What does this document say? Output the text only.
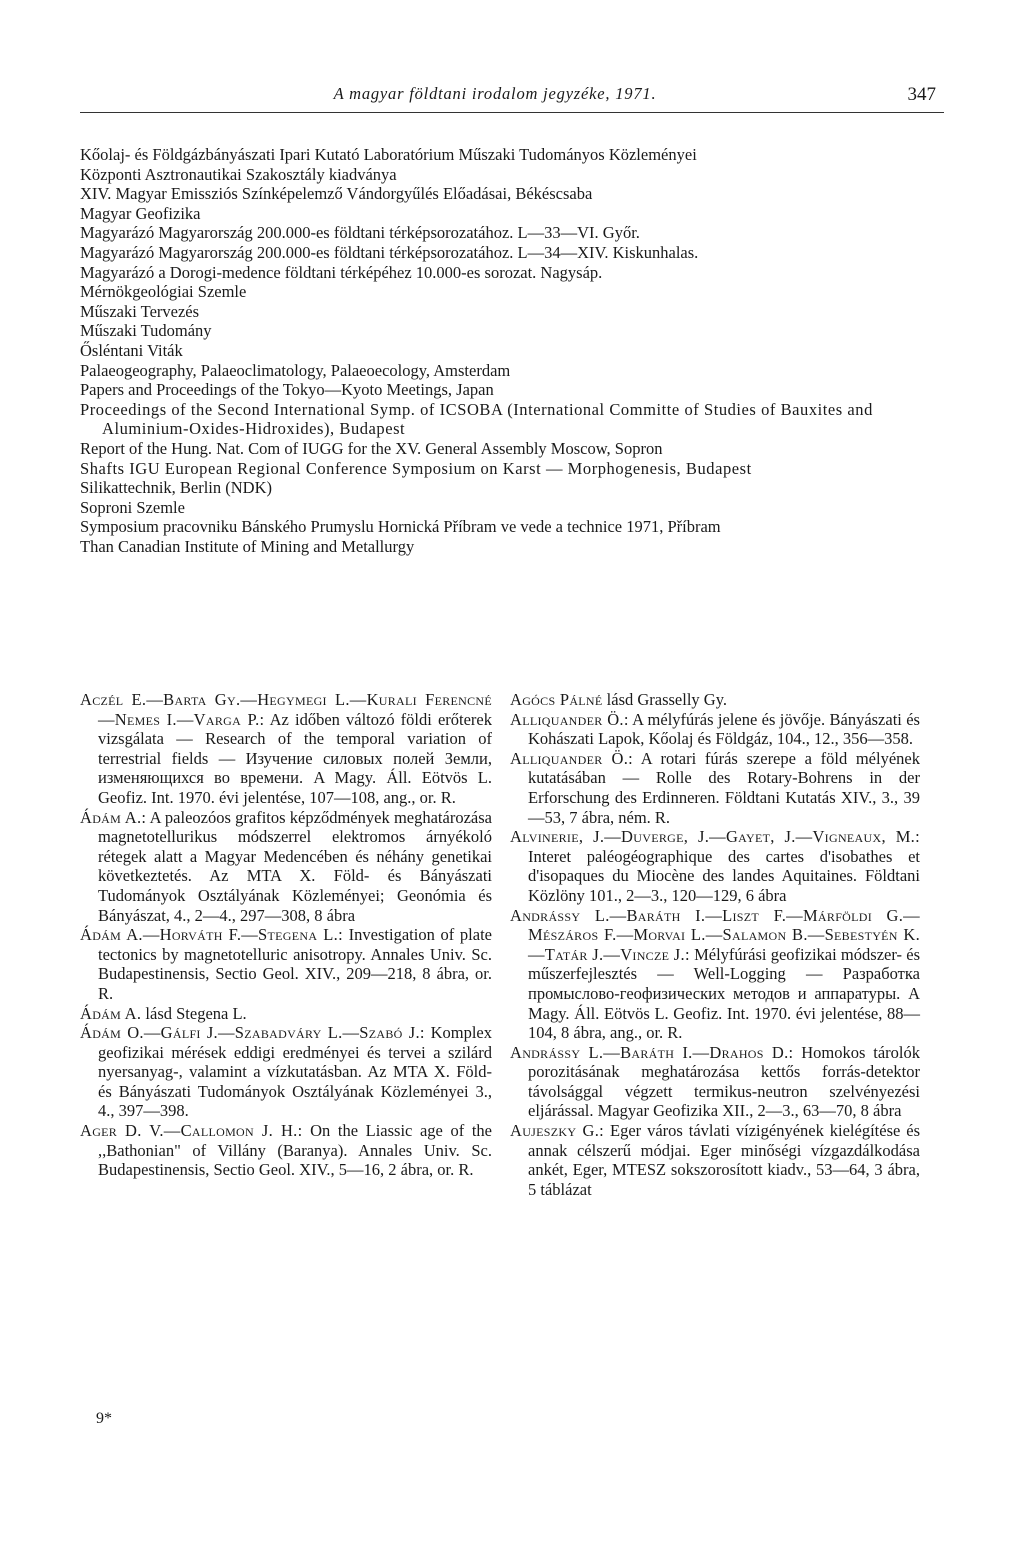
A magyar földtani irodalom jegyzéke, 1971.	347
Kőolaj- és Földgázbányászati Ipari Kutató Laboratórium Műszaki Tudományos Közleményei
Központi Asztronautikai Szakosztály kiadványa
XIV. Magyar Emissziós Színképelemző Vándorgyűlés Előadásai, Békéscsaba
Magyar Geofizika
Magyarázó Magyarország 200.000-es földtani térképsorozatához. L—33—VI. Győr.
Magyarázó Magyarország 200.000-es földtani térképsorozatához. L—34—XIV. Kiskunhalas.
Magyarázó a Dorogi-medence földtani térképéhez 10.000-es sorozat. Nagysáp.
Mérnökgeológiai Szemle
Műszaki Tervezés
Műszaki Tudomány
Ősléntani Viták
Palaeogeography, Palaeoclimatology, Palaeoecology, Amsterdam
Papers and Proceedings of the Tokyo—Kyoto Meetings, Japan
Proceedings of the Second International Symp. of ICSOBA (International Committe of Studies of Bauxites and Aluminium-Oxides-Hidroxides), Budapest
Report of the Hung. Nat. Com of IUGG for the XV. General Assembly Moscow, Sopron
Shafts IGU European Regional Conference Symposium on Karst — Morphogenesis, Budapest
Silikattechnik, Berlin (NDK)
Soproni Szemle
Symposium pracovniku Bánského Prumyslu Hornická Příbram ve vede a technice 1971, Příbram
Than Canadian Institute of Mining and Metallurgy

Aczél E.—Barta Gy.—Hegymegi L.—Kurali Ferencné—Nemes I.—Varga P.: Az időben változó földi erőterek vizsgálata — Research of the temporal variation of terrestrial fields — Изучение силовых полей Земли, изменяющихся во времени. A Magy. Áll. Eötvös L. Geofiz. Int. 1970. évi jelentése, 107—108, ang., or. R.

Ádám A.: A paleozóos grafitos képződmények meghatározása magnetotellurikus módszerrel elektromos árnyékoló rétegek alatt a Magyar Medencében és néhány genetikai következtetés. Az MTA X. Föld- és Bányászati Tudományok Osztályának Közleményei; Geonómia és Bányászat, 4., 2—4., 297—308, 8 ábra

Ádám A.—Horváth F.—Stegena L.: Investigation of plate tectonics by magnetotelluric anisotropy. Annales Univ. Sc. Budapestinensis, Sectio Geol. XIV., 209—218, 8 ábra, or. R.

Ádám A. lásd Stegena L.

Ádám O.—Gálfi J.—Szabadváry L.—Szabó J.: Komplex geofizikai mérések eddigi eredményei és tervei a szilárd nyersanyag-, valamint a vízkutatásban. Az MTA X. Föld- és Bányászati Tudományok Osztályának Közleményei 3., 4., 397—398.

Ager D. V.—Callomon J. H.: On the Liassic age of the ,,Bathonian" of Villány (Baranya). Annales Univ. Sc. Budapestinensis, Sectio Geol. XIV., 5—16, 2 ábra, or. R.

Agócs Pálné lásd Grasselly Gy.

Alliquander Ö.: A mélyfúrás jelene és jövője. Bányászati és Kohászati Lapok, Kőolaj és Földgáz, 104., 12., 356—358.

Alliquander Ö.: A rotari fúrás szerepe a föld mélyének kutatásában — Rolle des Rotary-Bohrens in der Erforschung des Erdinneren. Földtani Kutatás XIV., 3., 39—53, 7 ábra, ném. R.

Alvinerie, J.—Duverge, J.—Gayet, J.—Vigneaux, M.: Interet paléogéographique des cartes d'isobathes et d'isopaques du Miocène des landes Aquitaines. Földtani Közlöny 101., 2—3., 120—129, 6 ábra

Andrássy L.—Baráth I.—Liszt F.—Márföldi G.—Mészáros F.—Morvai L.—Salamon B.—Sebestyén K.—Tatár J.—Vincze J.: Mélyfúrási geofizikai módszer- és műszerfejlesztés — Well-Logging — Разработка промыслово-геофизических методов и аппаратуры. A Magy. Áll. Eötvös L. Geofiz. Int. 1970. évi jelentése, 88—104, 8 ábra, ang., or. R.

Andrássy L.—Baráth I.—Drahos D.: Homokos tárolók porozitásának meghatározása kettős forrás-detektor távolsággal végzett termikus-neutron szelvényezési eljárással. Magyar Geofizika XII., 2—3., 63—70, 8 ábra

Aujeszky G.: Eger város távlati vízigényének kielégítése és annak célszerű módjai. Eger minőségi vízgazdálkodása ankét, Eger, MTESZ sokszorosított kiadv., 53—64, 3 ábra, 5 táblázat

9*
